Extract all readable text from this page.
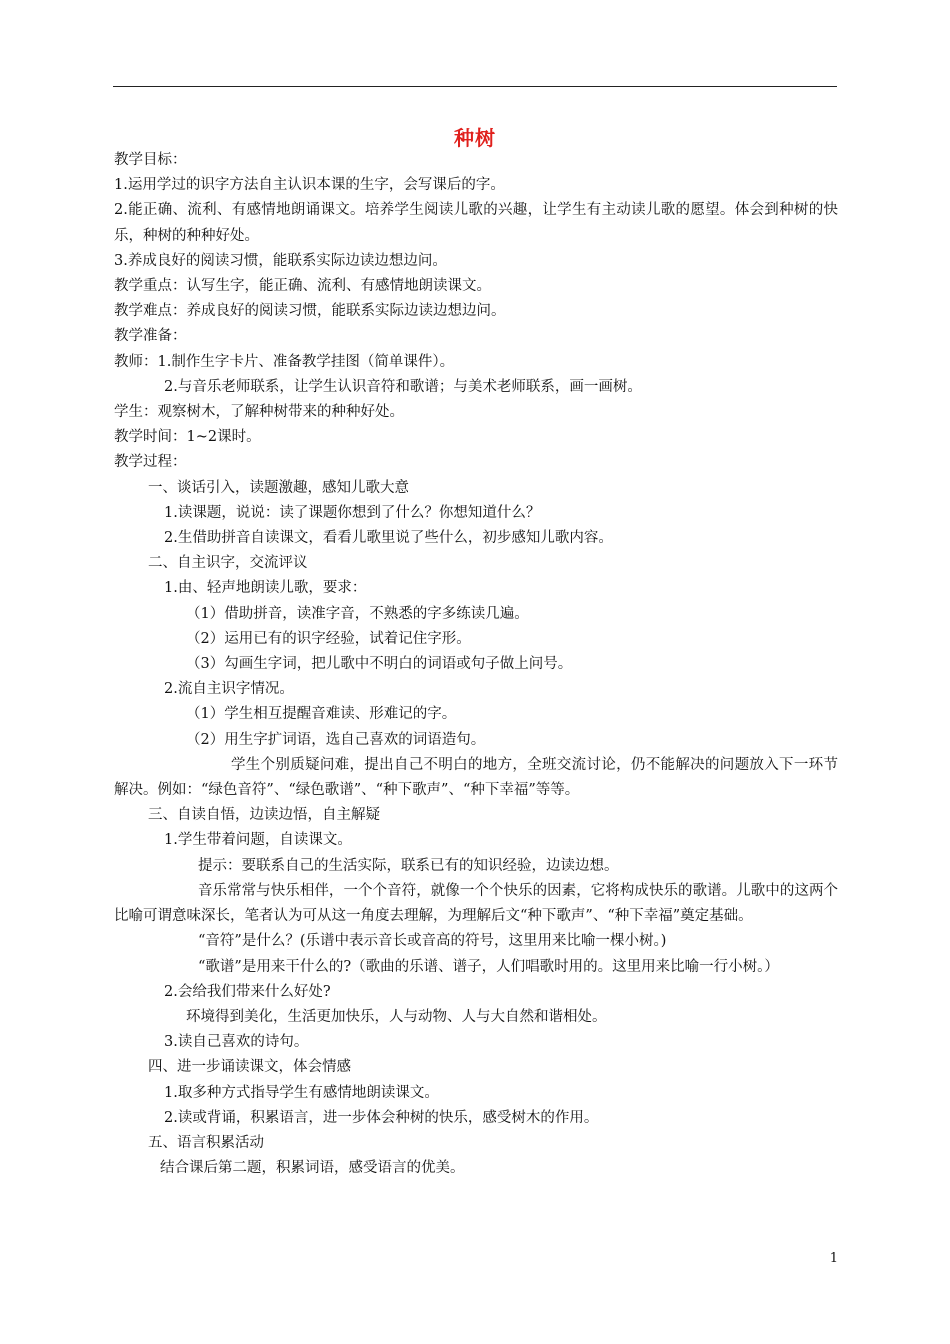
种树
教学目标：
1.运用学过的识字方法自主认识本课的生字，会写课后的字。
2.能正确、流利、有感情地朗诵课文。培养学生阅读儿歌的兴趣，让学生有主动读儿歌的愿望。体会到种树的快乐，种树的种种好处。
3.养成良好的阅读习惯，能联系实际边读边想边问。
教学重点：认写生字，能正确、流利、有感情地朗读课文。
教学难点：养成良好的阅读习惯，能联系实际边读边想边问。
教学准备：
教师：1.制作生字卡片、准备教学挂图（简单课件）。
2.与音乐老师联系，让学生认识音符和歌谱；与美术老师联系，画一画树。
学生：观察树木，了解种树带来的种种好处。
教学时间：1~2课时。
教学过程：
一、谈话引入，读题激趣，感知儿歌大意
1.读课题，说说：读了课题你想到了什么？你想知道什么？
2.生借助拼音自读课文，看看儿歌里说了些什么，初步感知儿歌内容。
二、自主识字，交流评议
1.由、轻声地朗读儿歌，要求：
（1）借助拼音，读准字音，不熟悉的字多练读几遍。
（2）运用已有的识字经验，试着记住字形。
（3）勾画生字词，把儿歌中不明白的词语或句子做上问号。
2.流自主识字情况。
（1）学生相互提醒音难读、形难记的字。
（2）用生字扩词语，选自己喜欢的词语造句。
学生个别质疑问难，提出自己不明白的地方，全班交流讨论，仍不能解决的问题放入下一环节解决。例如：“绿色音符”、“绿色歌谱”、“种下歌声”、“种下幸福”等等。
三、自读自悟，边读边悟，自主解疑
1.学生带着问题，自读课文。
提示：要联系自己的生活实际，联系已有的知识经验，边读边想。
音乐常常与快乐相伴，一个个音符，就像一个个快乐的因素，它将构成快乐的歌谱。儿歌中的这两个比喻可谓意味深长，笔者认为可从这一角度去理解，为理解后文“种下歌声”、“种下幸福”奠定基础。
“音符”是什么？(乐谱中表示音长或音高的符号，这里用来比喻一棵小树。)
“歌谱”是用来干什么的?（歌曲的乐谱、谱子，人们唱歌时用的。这里用来比喻一行小树。）
2.会给我们带来什么好处?
环境得到美化，生活更加快乐，人与动物、人与大自然和谐相处。
3.读自己喜欢的诗句。
四、进一步诵读课文，体会情感
1.取多种方式指导学生有感情地朗读课文。
2.读或背诵，积累语言，进一步体会种树的快乐，感受树木的作用。
五、语言积累活动
结合课后第二题，积累词语，感受语言的优美。
1
